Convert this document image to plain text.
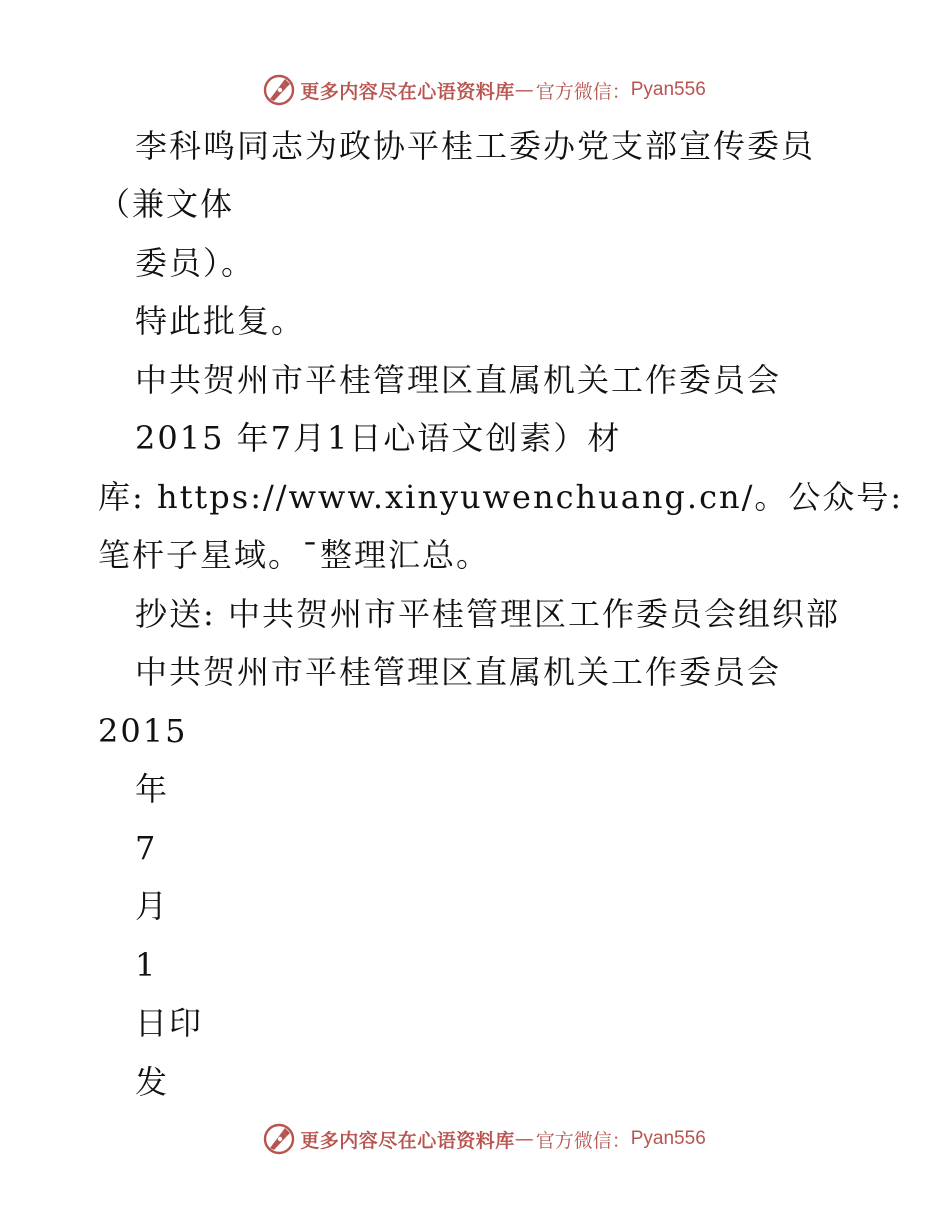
更多内容尽在心语资料库 — 官方微信： Pyan556
李科鸣同志为政协平桂工委办党支部宣传委员
（兼文体
委员）。
特此批复。
中共贺州市平桂管理区直属机关工作委员会
2015 年7月1日心语文创素）材
库: https://www.xinyuwenchuang.cn/。公众号:
笔杆子星域。¯整理汇总。
抄送: 中共贺州市平桂管理区工作委员会组织部
中共贺州市平桂管理区直属机关工作委员会
2015
年
7
月
1
日印
发
更多内容尽在心语资料库 — 官方微信： Pyan556
